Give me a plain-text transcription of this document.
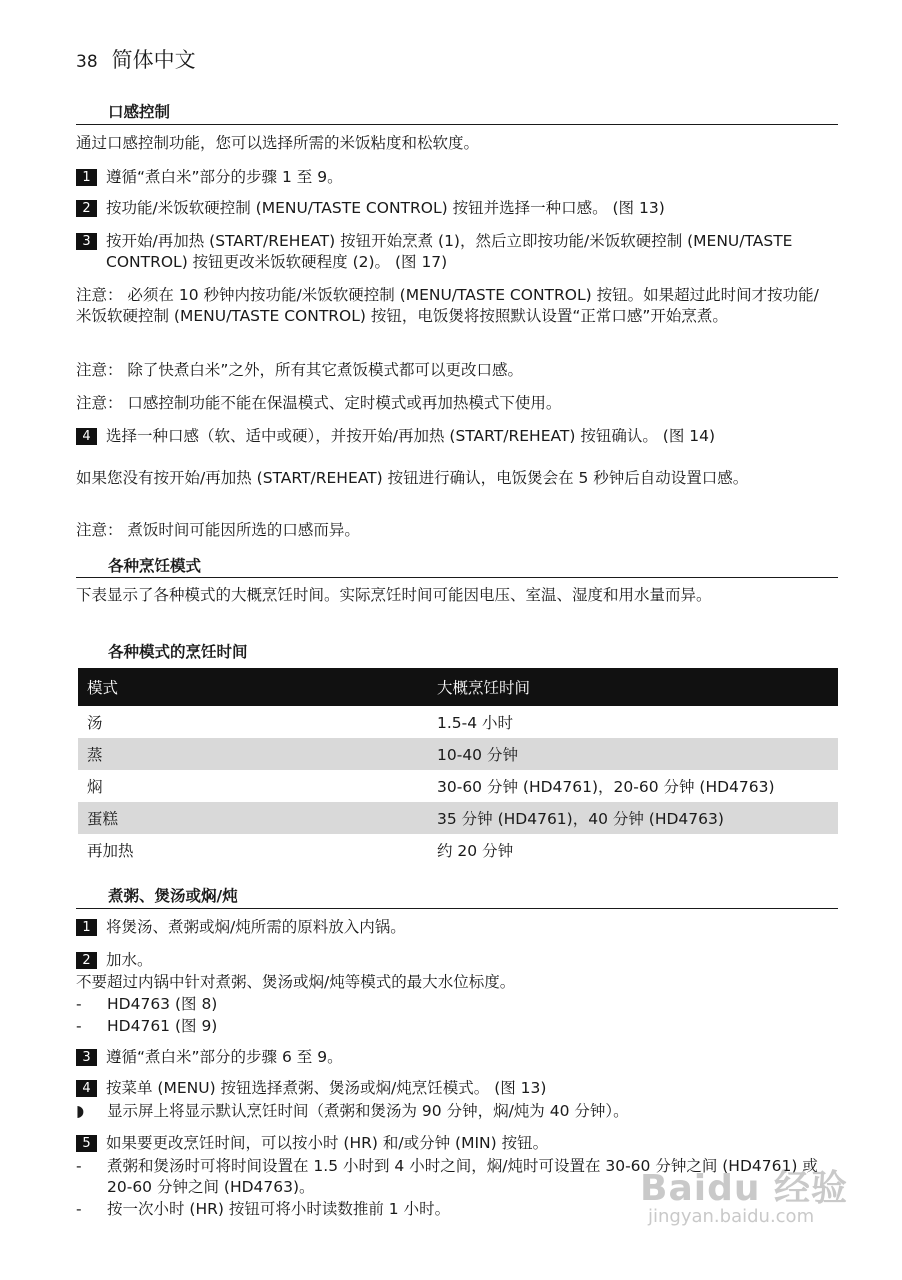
38 简体中文
口感控制
通过口感控制功能，您可以选择所需的米饭粘度和松软度。
1 遵循“煮白米”部分的步骤 1 至 9。
2 按功能/米饭软硬控制 (MENU/TASTE CONTROL) 按钮并选择一种口感。 (图 13)
3 按开始/再加热 (START/REHEAT) 按钮开始烹煮 (1)，然后立即按功能/米饭软硬控制 (MENU/TASTE CONTROL) 按钮更改米饭软硬程度 (2)。 (图 17)
注意： 必须在 10 秒钟内按功能/米饭软硬控制 (MENU/TASTE CONTROL) 按钮。如果超过此时间才按功能/米饭软硬控制 (MENU/TASTE CONTROL) 按钮，电饭煲将按照默认设置“正常口感”开始烹煮。
注意： 除了快煮白米”之外，所有其它煮饭模式都可以更改口感。
注意： 口感控制功能不能在保温模式、定时模式或再加热模式下使用。
4 选择一种口感（软、适中或硬），并按开始/再加热 (START/REHEAT) 按钮确认。 (图 14)
如果您没有按开始/再加热 (START/REHEAT) 按钮进行确认，电饭煲会在 5 秒钟后自动设置口感。
注意： 煮饭时间可能因所选的口感而异。
各种烹饪模式
下表显示了各种模式的大概烹饪时间。实际烹饪时间可能因电压、室温、湿度和用水量而异。
各种模式的烹饪时间
模式	大概烹饪时间
汤	1.5-4 小时
蒸	10-40 分钟
焖	30-60 分钟 (HD4761)，20-60 分钟 (HD4763)
蛋糕	35 分钟 (HD4761)，40 分钟 (HD4763)
再加热	约 20 分钟
煮粥、煲汤或焖/炖
1 将煲汤、煮粥或焖/炖所需的原料放入内锅。
2 加水。
不要超过内锅中针对煮粥、煲汤或焖/炖等模式的最大水位标度。
-	HD4763 (图 8)
-	HD4761 (图 9)
3 遵循“煮白米”部分的步骤 6 至 9。
4 按菜单 (MENU) 按钮选择煮粥、煲汤或焖/炖烹饪模式。 (图 13)
◗	显示屏上将显示默认烹饪时间（煮粥和煲汤为 90 分钟，焖/炖为 40 分钟）。
5 如果要更改烹饪时间，可以按小时 (HR) 和/或分钟 (MIN) 按钮。
-	煮粥和煲汤时可将时间设置在 1.5 小时到 4 小时之间，焖/炖时可设置在 30-60 分钟之间 (HD4761) 或 20-60 分钟之间 (HD4763)。
-	按一次小时 (HR) 按钮可将小时读数推前 1 小时。	Baidu 经验
jingyan.baidu.com
